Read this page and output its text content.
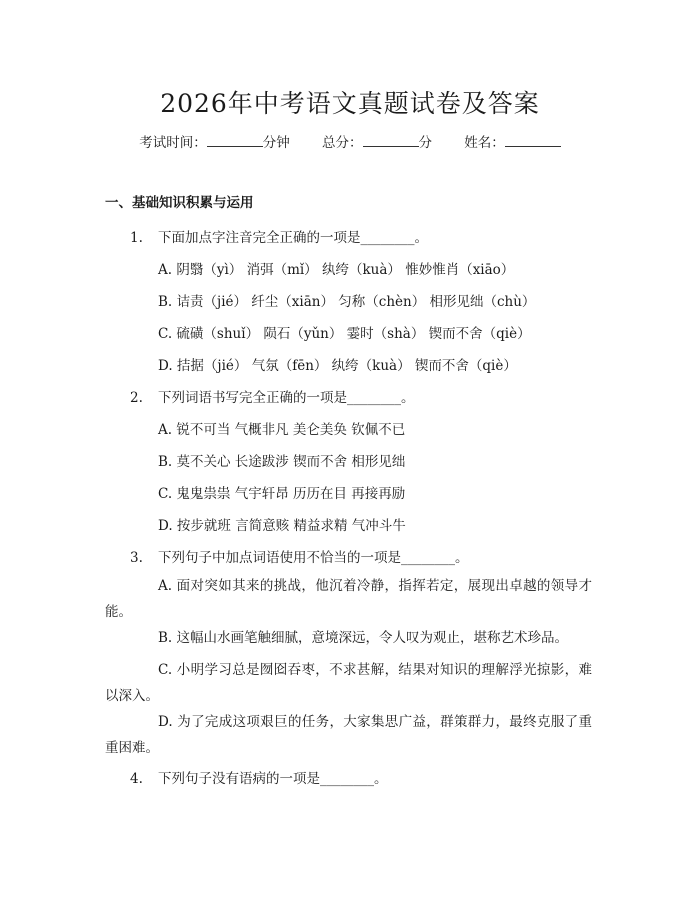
2026年中考语文真题试卷及答案
考试时间：	分钟 总分：	分 姓名：
一、基础知识积累与运用
1. 下面加点字注音完全正确的一项是________。
A. 阴翳（yì） 消弭（mǐ） 纨绔（kuà） 惟妙惟肖（xiāo）
B. 诘责（jié） 纤尘（xiān） 匀称（chèn） 相形见绌（chù）
C. 硫磺（shuǐ） 陨石（yǔn） 霎时（shà） 锲而不舍（qiè）
D. 拮据（jié） 气氛（fēn） 纨绔（kuà） 锲而不舍（qiè）
2. 下列词语书写完全正确的一项是________。
A. 锐不可当 气概非凡 美仑美奂 钦佩不已
B. 莫不关心 长途跋涉 锲而不舍 相形见绌
C. 鬼鬼祟祟 气宇轩昂 历历在目 再接再励
D. 按步就班 言简意赅 精益求精 气冲斗牛
3. 下列句子中加点词语使用不恰当的一项是________。
A. 面对突如其来的挑战，他沉着冷静，指挥若定，展现出卓越的领导才能。
B. 这幅山水画笔触细腻，意境深远，令人叹为观止，堪称艺术珍品。
C. 小明学习总是囫囵吞枣，不求甚解，结果对知识的理解浮光掠影，难以深入。
D. 为了完成这项艰巨的任务，大家集思广益，群策群力，最终克服了重重困难。
4. 下列句子没有语病的一项是________。
